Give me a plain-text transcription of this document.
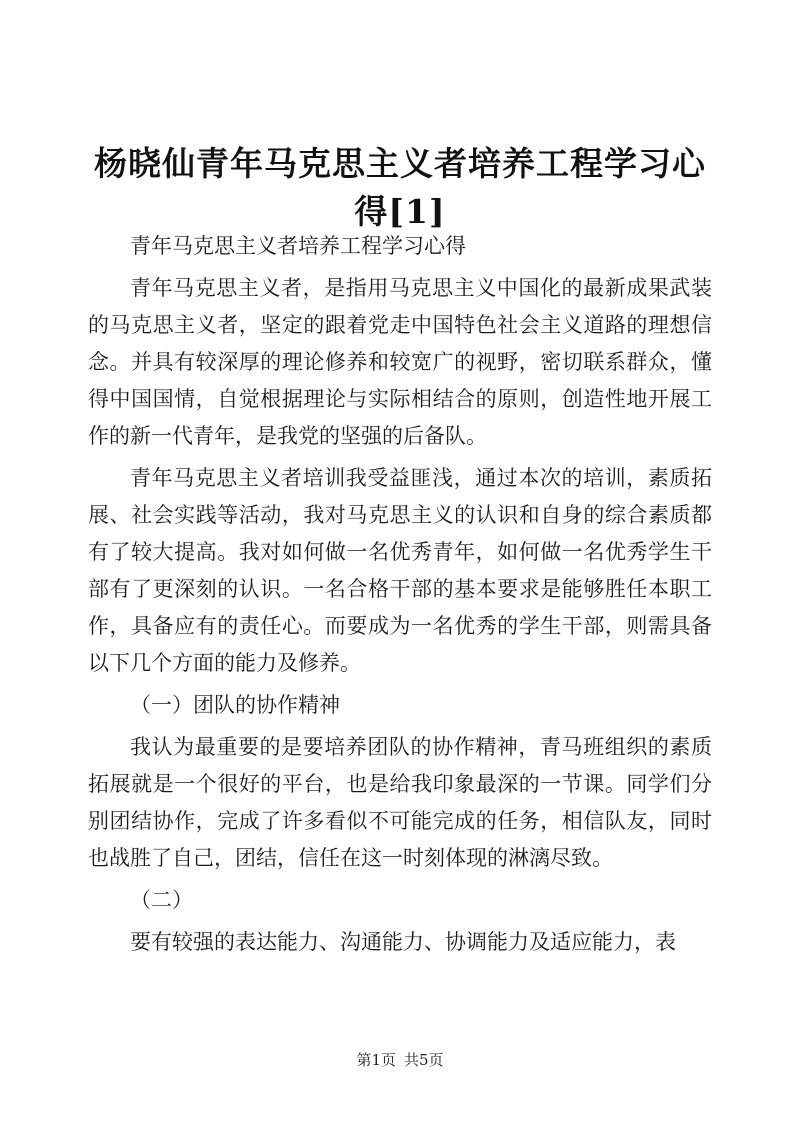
杨晓仙青年马克思主义者培养工程学习心得[1]

青年马克思主义者培养工程学习心得

青年马克思主义者，是指用马克思主义中国化的最新成果武装的马克思主义者，坚定的跟着党走中国特色社会主义道路的理想信念。并具有较深厚的理论修养和较宽广的视野，密切联系群众，懂得中国国情，自觉根据理论与实际相结合的原则，创造性地开展工作的新一代青年，是我党的坚强的后备队。

青年马克思主义者培训我受益匪浅，通过本次的培训，素质拓展、社会实践等活动，我对马克思主义的认识和自身的综合素质都有了较大提高。我对如何做一名优秀青年，如何做一名优秀学生干部有了更深刻的认识。一名合格干部的基本要求是能够胜任本职工作，具备应有的责任心。而要成为一名优秀的学生干部，则需具备以下几个方面的能力及修养。

（一）团队的协作精神

我认为最重要的是要培养团队的协作精神，青马班组织的素质拓展就是一个很好的平台，也是给我印象最深的一节课。同学们分别团结协作，完成了许多看似不可能完成的任务，相信队友，同时也战胜了自己，团结，信任在这一时刻体现的淋漓尽致。

（二）

要有较强的表达能力、沟通能力、协调能力及适应能力，表

第1页 共5页
